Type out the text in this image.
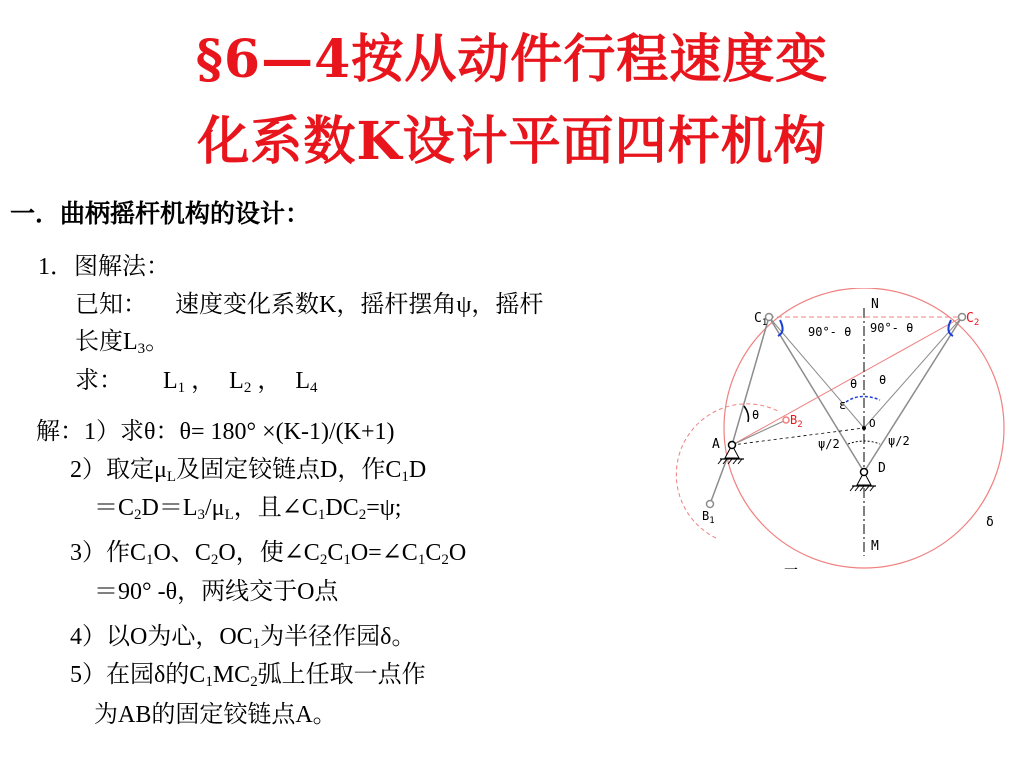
§6—4按从动件行程速度变
化系数K设计平面四杆机构
一．曲柄摇杆机构的设计：
1．图解法：
已知： 速度变化系数K，摇杆摆角ψ，摇杆
长度$L_3$。
求： $L_1$ ， $L_2$ ， $L_4$
解：1）求θ：θ= 180° ×(K-1)/(K+1)
2）取定$\mu_L$及固定铰链点D，作$C_1D$
$=C_2D=L_3/\mu_L$，且$\angle C_1DC_2=\psi$;
3）作$C_1O$、$C_2O$，使$\angle C_2C_1O=\angle C_1C_2O$
＝90° -θ，两线交于O点
4）以O为心，$OC_1$为半径作园δ。
5）在园δ的$C_1MC_2$弧上任取一点作
为AB的固定铰链点A。
$C_1$	$C_2$
N
90°- θ 90°- θ
θ θ
θ
ε
$B_2$	O
A	ψ/2	ψ/2
D
$B_1$	δ
M
一
